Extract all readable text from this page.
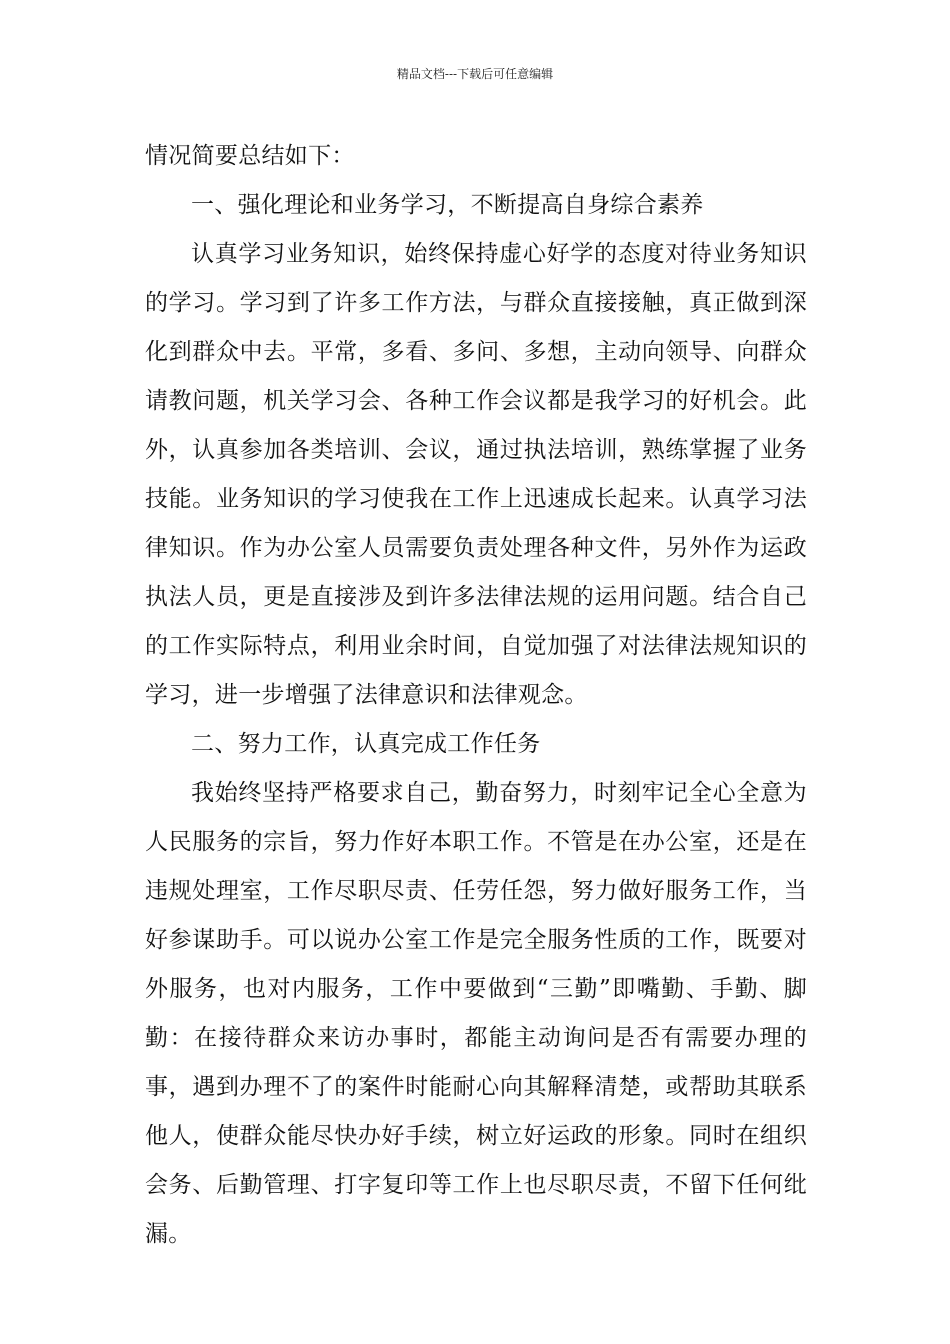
精品文档---下载后可任意编辑

情况简要总结如下：

一、强化理论和业务学习，不断提高自身综合素养

认真学习业务知识，始终保持虚心好学的态度对待业务知识的学习。学习到了许多工作方法，与群众直接接触，真正做到深化到群众中去。平常，多看、多问、多想，主动向领导、向群众请教问题，机关学习会、各种工作会议都是我学习的好机会。此外，认真参加各类培训、会议，通过执法培训，熟练掌握了业务技能。业务知识的学习使我在工作上迅速成长起来。认真学习法律知识。作为办公室人员需要负责处理各种文件，另外作为运政执法人员，更是直接涉及到许多法律法规的运用问题。结合自己的工作实际特点，利用业余时间，自觉加强了对法律法规知识的学习，进一步增强了法律意识和法律观念。

二、努力工作，认真完成工作任务

我始终坚持严格要求自己，勤奋努力，时刻牢记全心全意为人民服务的宗旨，努力作好本职工作。不管是在办公室，还是在违规处理室，工作尽职尽责、任劳任怨，努力做好服务工作，当好参谋助手。可以说办公室工作是完全服务性质的工作，既要对外服务，也对内服务，工作中要做到“三勤”即嘴勤、手勤、脚勤：在接待群众来访办事时，都能主动询问是否有需要办理的事，遇到办理不了的案件时能耐心向其解释清楚，或帮助其联系他人，使群众能尽快办好手续，树立好运政的形象。同时在组织会务、后勤管理、打字复印等工作上也尽职尽责，不留下任何纰漏。
